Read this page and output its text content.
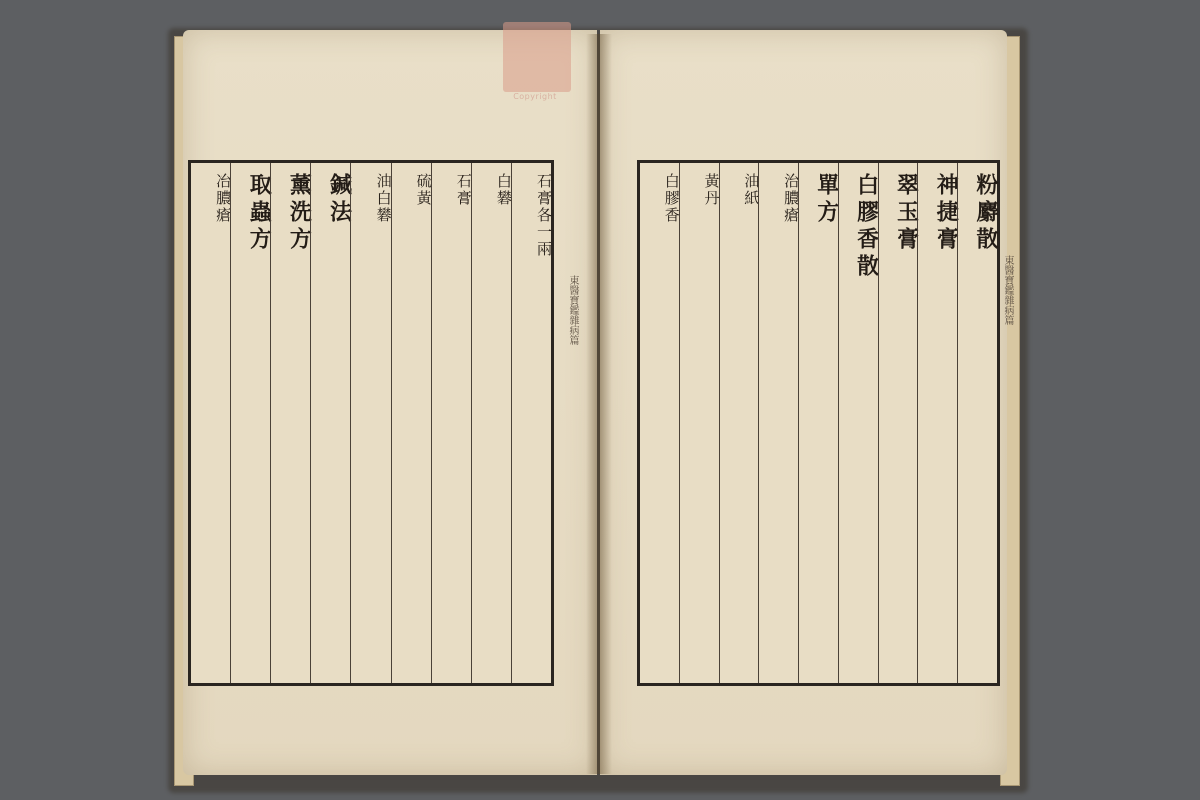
Copyright
石膏各一兩
白礬
石膏
硫黃
油白礬
鍼法
薰洗方
取蟲方
冶膿瘡	粉麝散
神捷膏
翠玉膏
白膠香散
單方
治膿瘡
油紙
黃丹
白膠香
東醫寶鑑雜病篇	東醫寶鑑雜病篇
